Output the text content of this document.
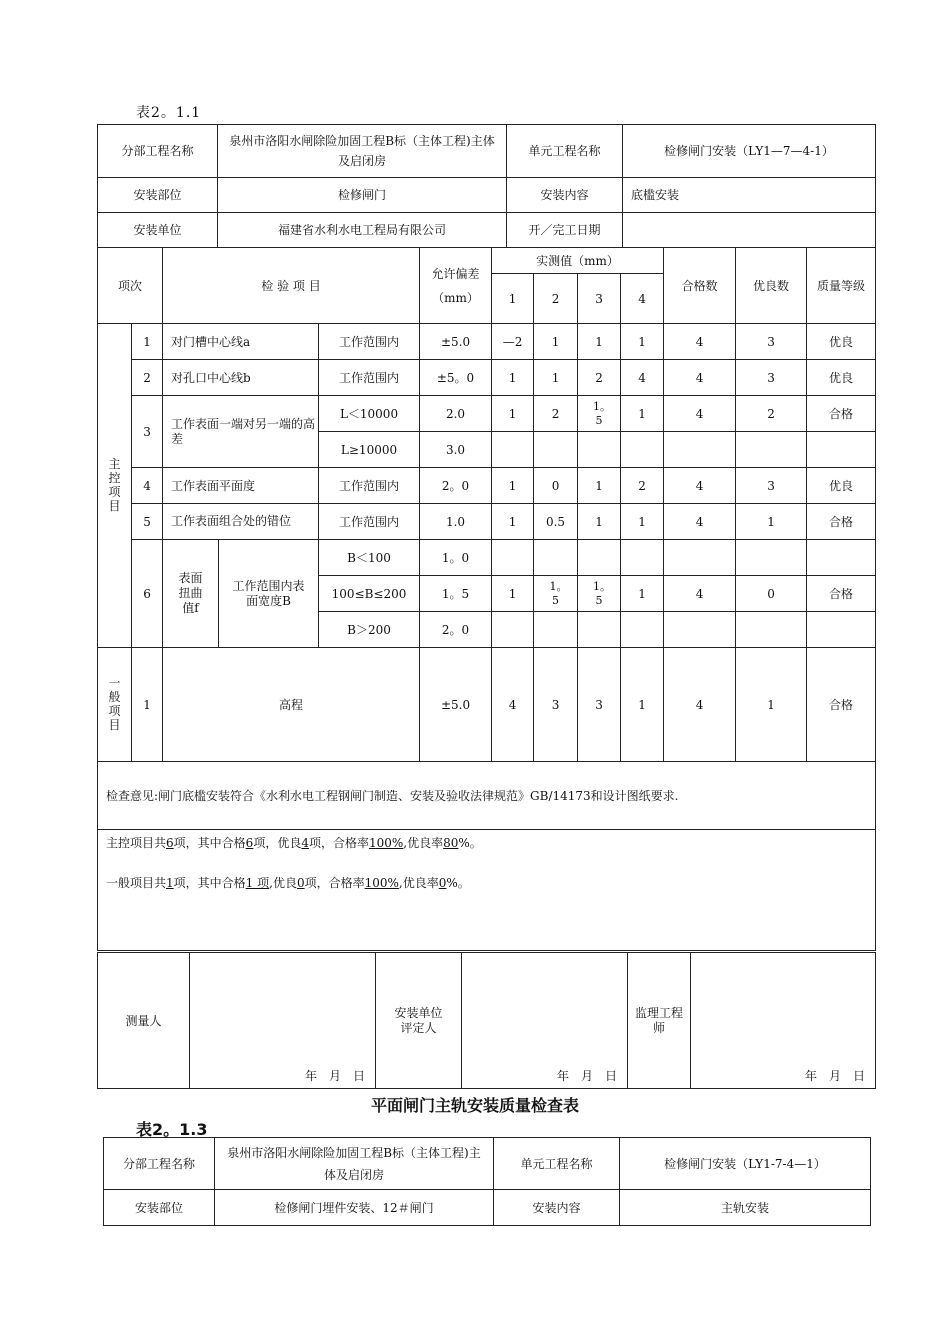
表2。1.1
分部工程名称	泉州市洛阳水闸除险加固工程B标（主体工程)主体及启闭房	单元工程名称	检修闸门安装（LY1—7—4-1）
安装部位	检修闸门	安装内容	底槛安装
安装单位	福建省水利水电工程局有限公司	开／完工日期	
项次		检 验 项 目			允许偏差（mm）	实测值（mm）				合格数	优良数	质量等级
						1	2	3	4			
主控项目	1	对门槽中心线a		工作范围内	±5.0	—2	1	1	1	4	3	优良
	2	对孔口中心线b		工作范围内	±5。0	1	1	2	4	4	3	优良
	3	工作表面一端对另一端的高差		L＜10000	2.0	1	2	1。5	1	4	2	合格
				L≥10000	3.0							
	4	工作表面平面度		工作范围内	2。0	1	0	1	2	4	3	优良
	5	工作表面组合处的错位		工作范围内	1.0	1	0.5	1	1	4	1	合格
	6	表面扭曲值f	工作范围内表面宽度B	B＜100	1。0							
				100≤B≤200	1。5	1	1。5	1。5	1	4	0	合格
				B＞200	2。0							
一般项目	1	高程			±5.0	4	3	3	1	4	1	合格
检查意见:闸门底槛安装符合《水利水电工程钢闸门制造、安装及验收法律规范》GB/14173和设计图纸要求.												

主控项目共6项，其中合格6项，优良4项，合格率100%,优良率80%。

一般项目共1项，其中合格1 项,优良0项，合格率100%,优良率0%。												

测量人	
年　月　日
	安装单位评定人	
年　月　日
	监理工程师	
年　月　日
平面闸门主轨安装质量检查表
表2。1.3
分部工程名称	泉州市洛阳水闸除险加固工程B标（主体工程)主体及启闭房	单元工程名称	检修闸门安装（LY1-7-4—1）
安装部位	检修闸门埋件安装、12＃闸门	安装内容	主轨安装
